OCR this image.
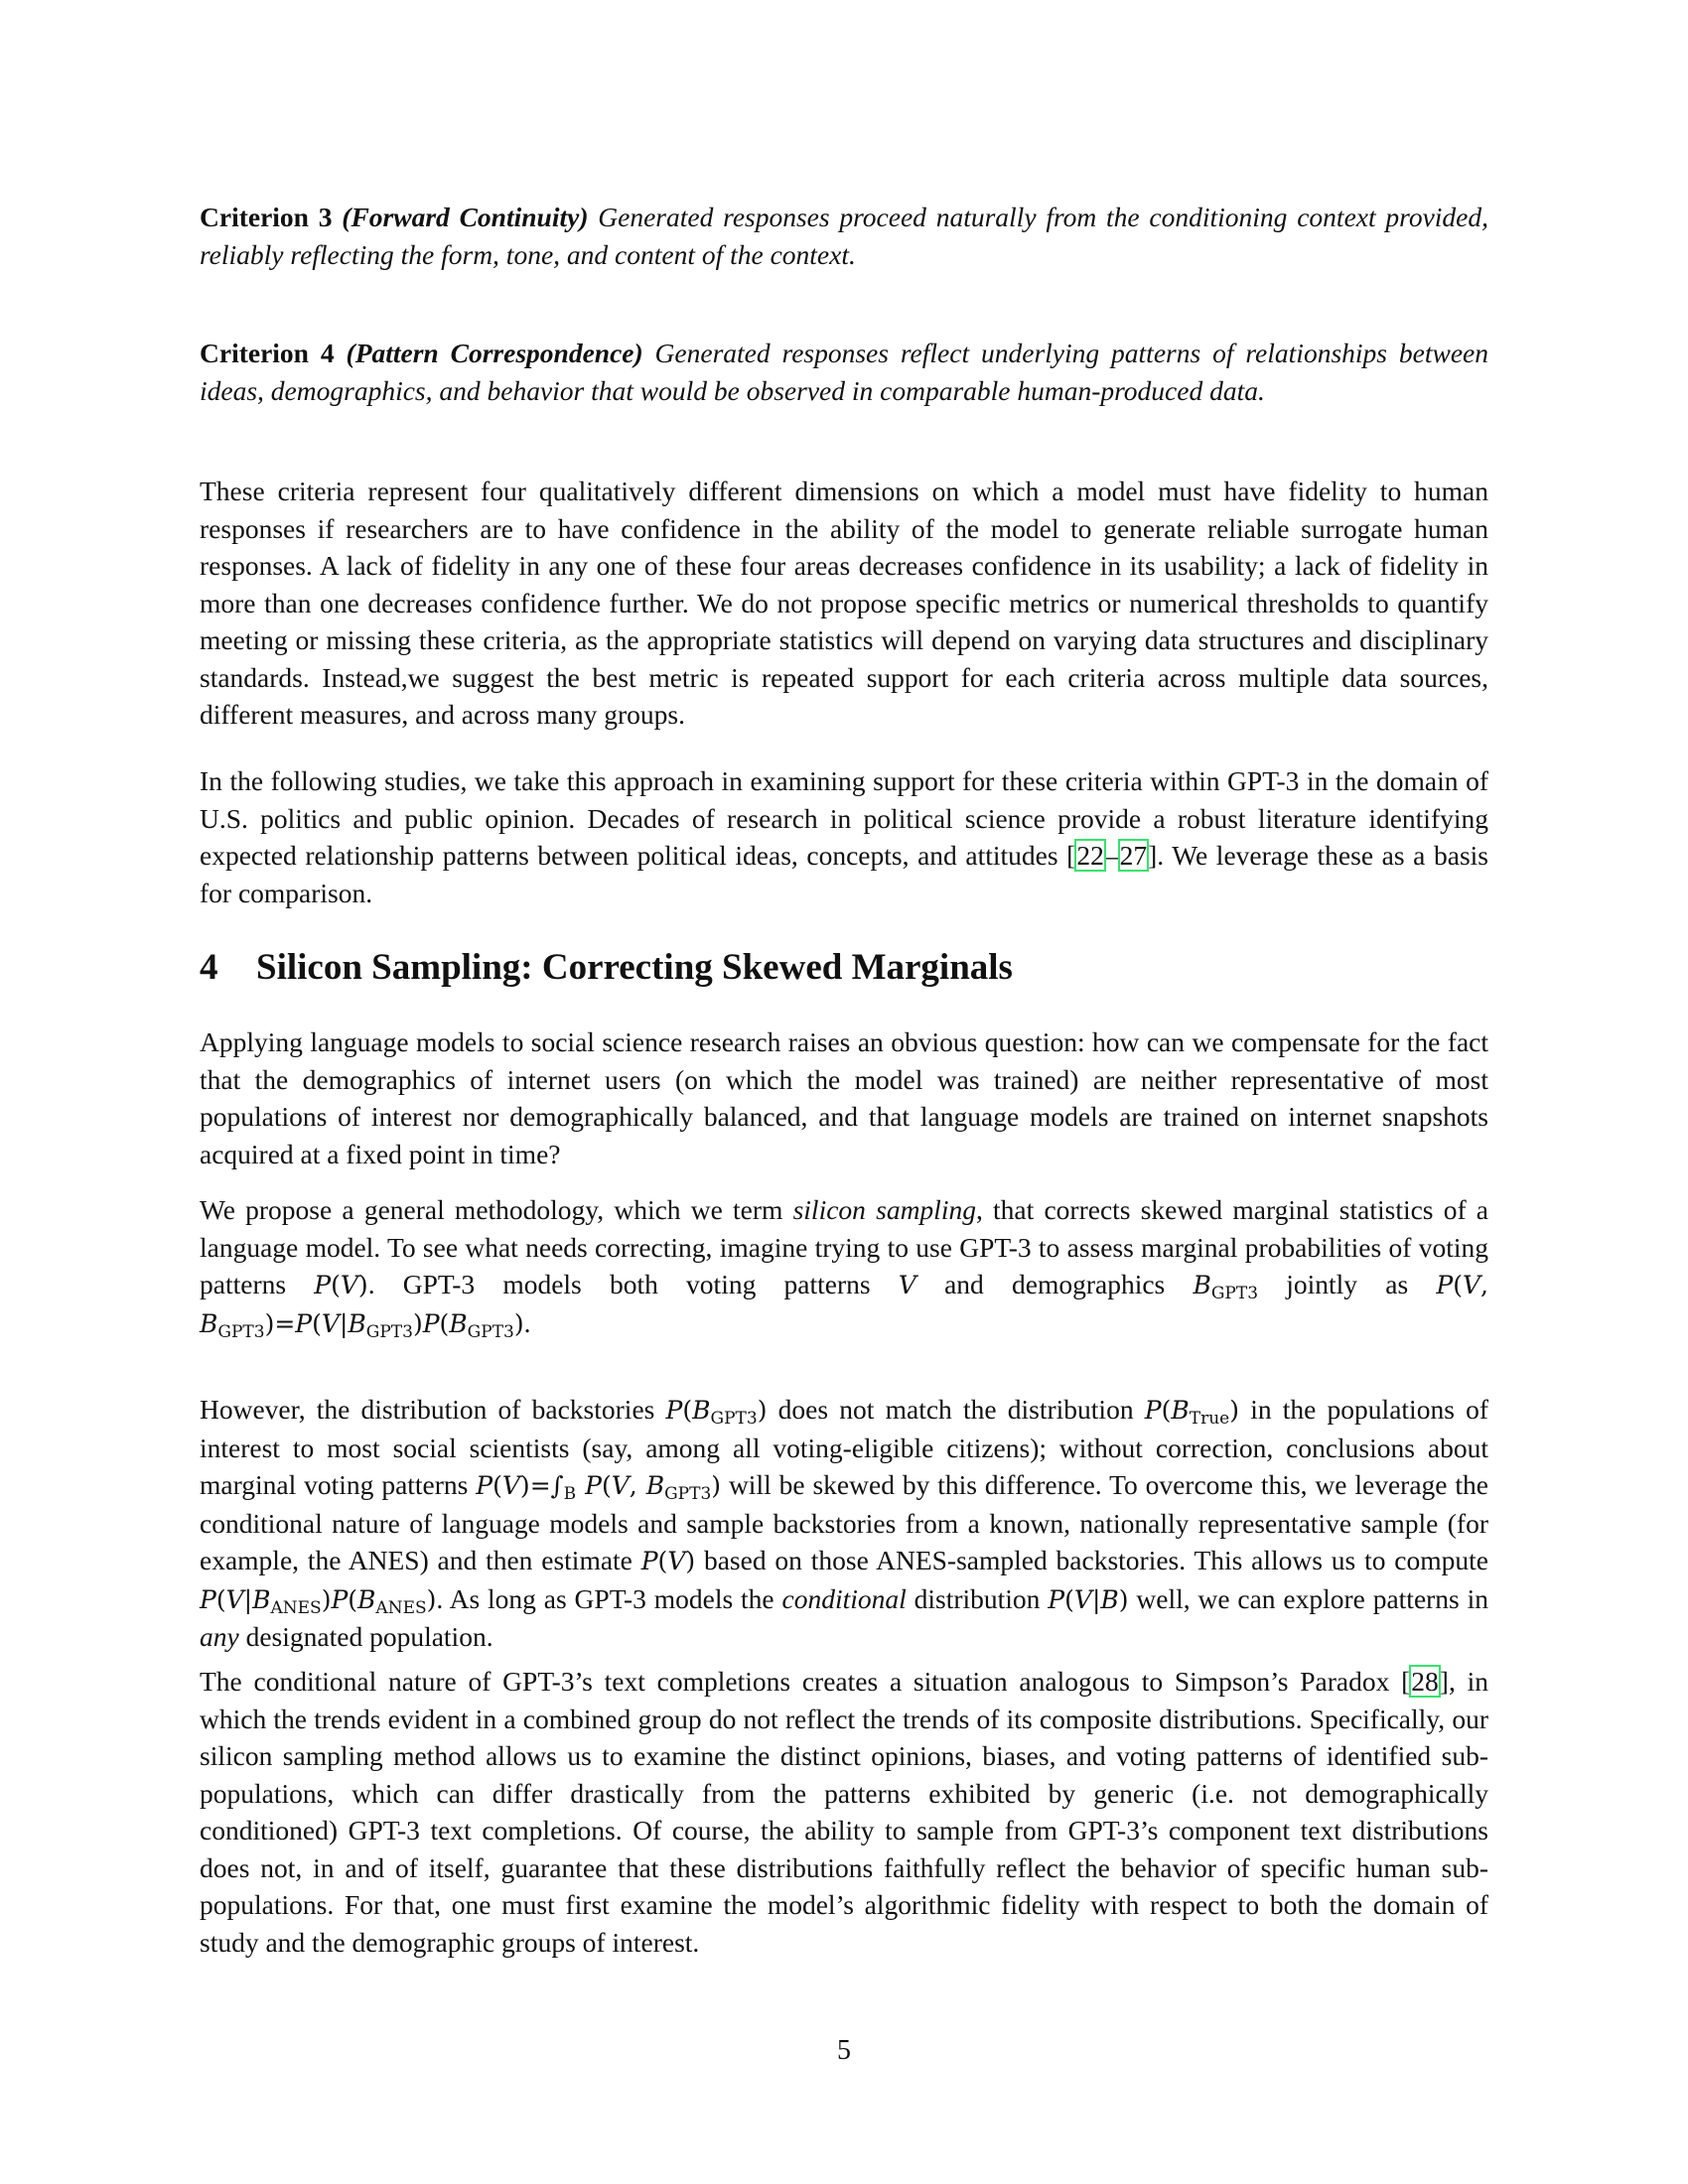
Criterion 3 (Forward Continuity) Generated responses proceed naturally from the conditioning context provided, reliably reflecting the form, tone, and content of the context.

Criterion 4 (Pattern Correspondence) Generated responses reflect underlying patterns of relationships between ideas, demographics, and behavior that would be observed in comparable human-produced data.

These criteria represent four qualitatively different dimensions on which a model must have fidelity to human responses if researchers are to have confidence in the ability of the model to generate reliable surrogate human responses. A lack of fidelity in any one of these four areas decreases confidence in its usability; a lack of fidelity in more than one decreases confidence further. We do not propose specific metrics or numerical thresholds to quantify meeting or missing these criteria, as the appropriate statistics will depend on varying data structures and disciplinary standards. Instead,we suggest the best metric is repeated support for each criteria across multiple data sources, different measures, and across many groups.

In the following studies, we take this approach in examining support for these criteria within GPT-3 in the domain of U.S. politics and public opinion. Decades of research in political science provide a robust literature identifying expected relationship patterns between political ideas, concepts, and attitudes [22–27]. We leverage these as a basis for comparison.

4 Silicon Sampling: Correcting Skewed Marginals

Applying language models to social science research raises an obvious question: how can we compensate for the fact that the demographics of internet users (on which the model was trained) are neither representative of most populations of interest nor demographically balanced, and that language models are trained on internet snapshots acquired at a fixed point in time?

We propose a general methodology, which we term silicon sampling, that corrects skewed marginal statistics of a language model. To see what needs correcting, imagine trying to use GPT-3 to assess marginal probabilities of voting patterns P(V). GPT-3 models both voting patterns V and demographics $B_{GPT3}$ jointly as P(V, $B_{GPT3})=P(V|B_{GPT3})P(B_{GPT3})$.

However, the distribution of backstories $P(B_{GPT3})$ does not match the distribution $P(B_{True})$ in the populations of interest to most social scientists (say, among all voting-eligible citizens); without correction, conclusions about marginal voting patterns $P(V)=\int_B$ P(V, $B_{GPT3}$) will be skewed by this difference. To overcome this, we leverage the conditional nature of language models and sample backstories from a known, nationally representative sample (for example, the ANES) and then estimate P(V) based on those ANES-sampled backstories. This allows us to compute $P(V|B_{ANES})P(B_{ANES})$. As long as GPT-3 models the conditional distribution P(V|B) well, we can explore patterns in any designated population.

The conditional nature of GPT-3’s text completions creates a situation analogous to Simpson’s Paradox [28], in which the trends evident in a combined group do not reflect the trends of its composite distributions. Specifically, our silicon sampling method allows us to examine the distinct opinions, biases, and voting patterns of identified sub-populations, which can differ drastically from the patterns exhibited by generic (i.e. not demographically conditioned) GPT-3 text completions. Of course, the ability to sample from GPT-3’s component text distributions does not, in and of itself, guarantee that these distributions faithfully reflect the behavior of specific human sub-populations. For that, one must first examine the model’s algorithmic fidelity with respect to both the domain of study and the demographic groups of interest.

5
